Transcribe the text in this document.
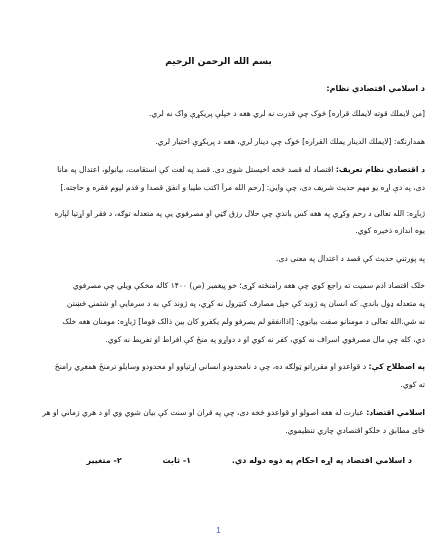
بسم الله الرحمن الرحيم
د اسلامي اقتصادي نظام:
[من لايملك قوته لايملك قراره] څوک چې قدرت نه لري هغه د خپلې پريکړې واک نه لري.
همدارنګه: [لايملك الدينار يملك القراره] څوک چې دينار لري، هغه د پريکړې اختيار لري.
د اقتصادي نظام تعريف: اقتصاد له قصد څخه اخيستل شوی دی. قصد په لغت کې استقامت، بيانولو، اعتدال په مانا
دی، په دې اړه يو مهم حديث شريف دی، چې وايي: [رحم الله مرأ اکتب طيبا و انفق قصدا و قدم ليوم فقره و حاجته.]
ژباړه: الله تعالی د رحم وکړي په هغه کس باندې چې حلال رزق ګټي او مصرفوي يې په متعدله توګه، د فقر او اړتيا لپاره
يوه اندازه ذخيره کوي.
په پورتني حديث کې قصد د اعتدال په معنی دی.
خلک اقتصاد ادم سميت ته راجع کوي چې هغه رامنځته کړی؛ خو پيغمبر (ص) ۱۴۰۰ کاله مخکې ويلي چې مصرفوي
په متعدله ډول باندې. که انسان په ژوند کې خپل مصارف کنټرول نه کړي، په ژوند کې به د سرمايې او شتمنۍ څښتن
نه شي.الله تعالی د مومنانو صفت بيانوي: [اذاانفقو لم يصرفو ولم يکفرو کان بين ذالک قوما] ژباړه: مومنان هغه خلک
دي، کله چې مال مصرفوي اسراف نه کوي، کفر نه کوي او د دواړو په منځ کې افراط او تفريط نه کوي.
په اصطلاح کې: د قواعدو او مقرراتو ټولګه ده، چې د نامحدودو انساني اړتياوو او محدودو وسايلو ترمنځ همغږي رامنځ
ته کوي.
اسلامي اقتصاد: عبارت له هغه اصولو او قواعدو څخه دی، چې په قران او سنت کې بيان شوي وي او د هري زماني او هر
ځای مطابق د خلکو اقتصادي چاري تنظيموي.
د اسلامي اقتصاد په اړه احکام په دوه دوله دي. ۱- ثابت ۲- متغيير
1
